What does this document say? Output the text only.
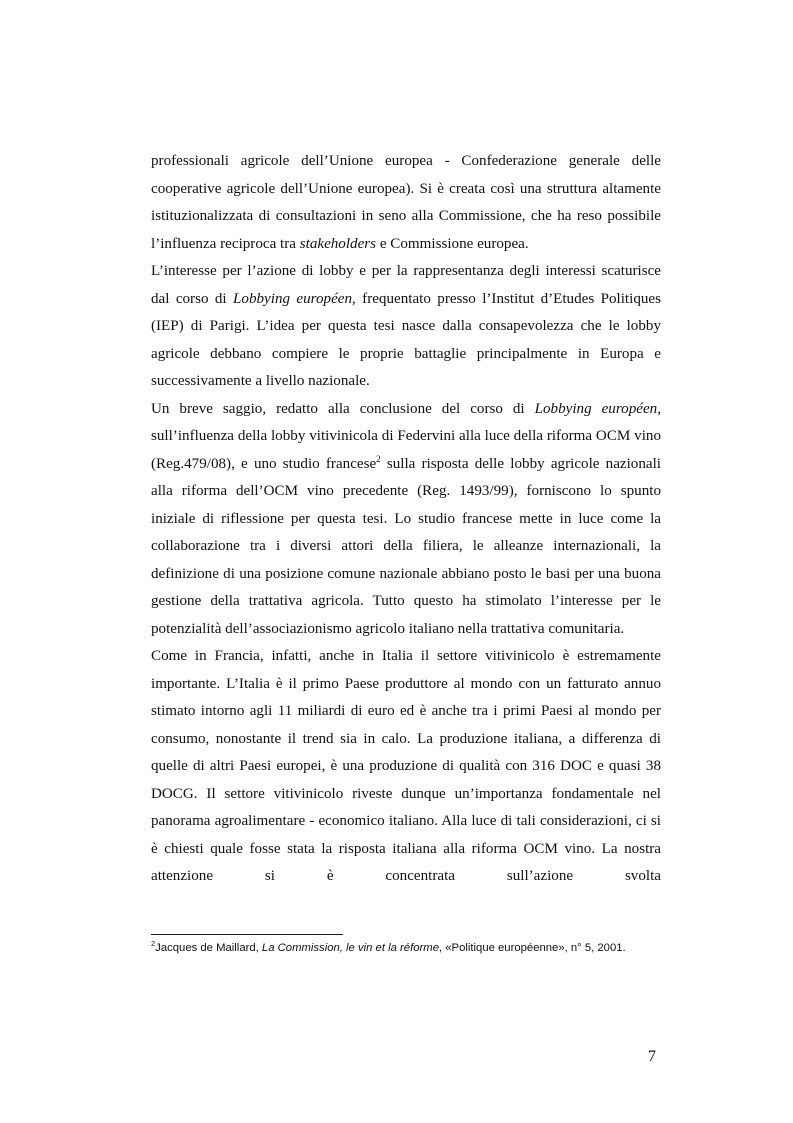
professionali agricole dell’Unione europea - Confederazione generale delle cooperative agricole dell’Unione europea). Si è creata così una struttura altamente istituzionalizzata di consultazioni in seno alla Commissione, che ha reso possibile l’influenza reciproca tra stakeholders e Commissione europea.

L’interesse per l’azione di lobby e per la rappresentanza degli interessi scaturisce dal corso di Lobbying européen, frequentato presso l’Institut d’Etudes Politiques (IEP) di Parigi. L’idea per questa tesi nasce dalla consapevolezza che le lobby agricole debbano compiere le proprie battaglie principalmente in Europa e successivamente a livello nazionale.

Un breve saggio, redatto alla conclusione del corso di Lobbying européen, sull’influenza della lobby vitivinicola di Federvini alla luce della riforma OCM vino (Reg.479/08), e uno studio francese$^2$ sulla risposta delle lobby agricole nazionali alla riforma dell’OCM vino precedente (Reg. 1493/99), forniscono lo spunto iniziale di riflessione per questa tesi. Lo studio francese mette in luce come la collaborazione tra i diversi attori della filiera, le alleanze internazionali, la definizione di una posizione comune nazionale abbiano posto le basi per una buona gestione della trattativa agricola. Tutto questo ha stimolato l’interesse per le potenzialità dell’associazionismo agricolo italiano nella trattativa comunitaria.

Come in Francia, infatti, anche in Italia il settore vitivinicolo è estremamente importante. L’Italia è il primo Paese produttore al mondo con un fatturato annuo stimato intorno agli 11 miliardi di euro ed è anche tra i primi Paesi al mondo per consumo, nonostante il trend sia in calo. La produzione italiana, a differenza di quelle di altri Paesi europei, è una produzione di qualità con 316 DOC e quasi 38 DOCG. Il settore vitivinicolo riveste dunque un’importanza fondamentale nel panorama agroalimentare - economico italiano. Alla luce di tali considerazioni, ci si è chiesti quale fosse stata la risposta italiana alla riforma OCM vino. La nostra attenzione si è concentrata sull’azione svolta

$^2$Jacques de Maillard, La Commission, le vin et la réforme, «Politique européenne», n° 5, 2001.
7
